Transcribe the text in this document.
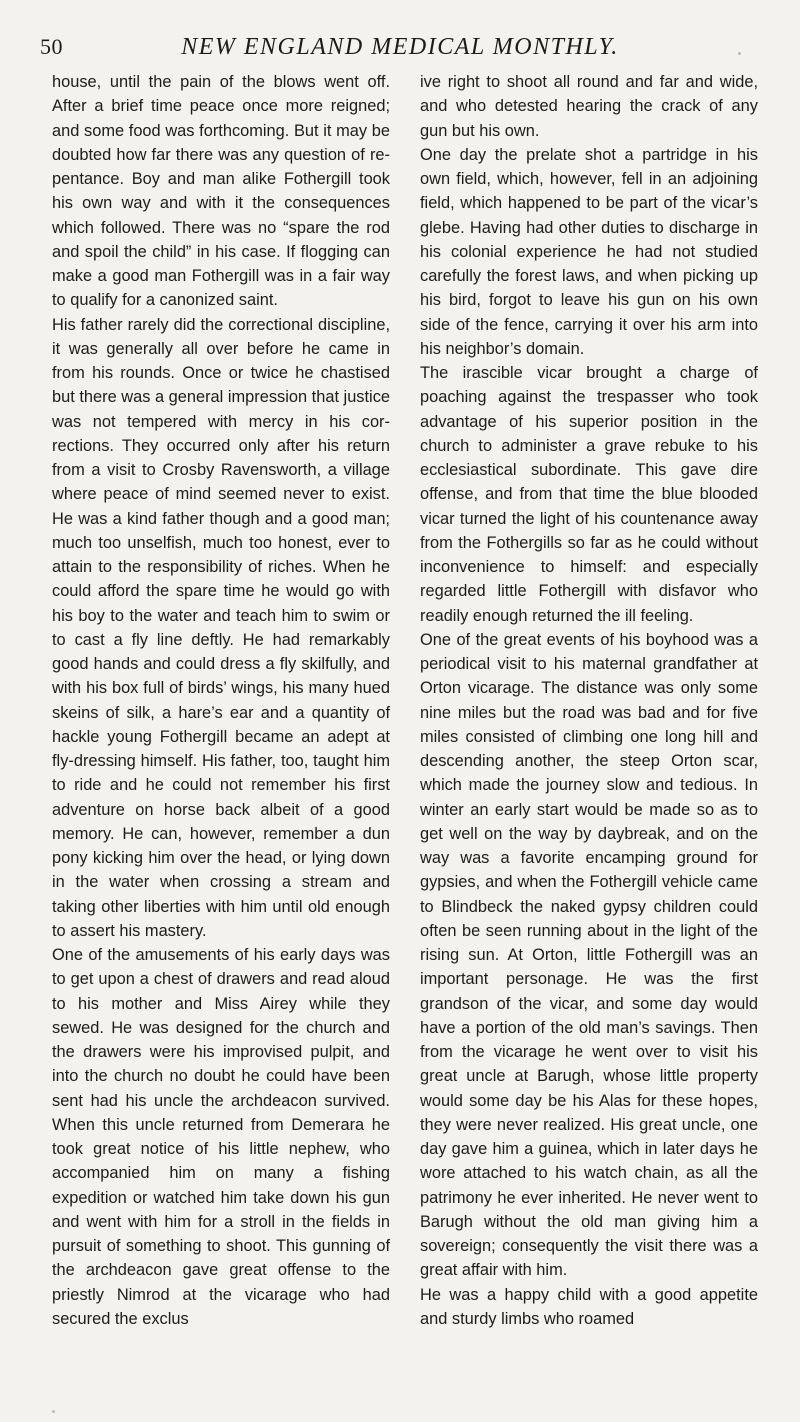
50	NEW ENGLAND MEDICAL MONTHLY.

house, until the pain of the blows went off. After a brief time peace once more reigned; and some food was forthcoming. But it may be doubted how far there was any question of repentance. Boy and man alike Fothergill took his own way and with it the consequences which followed. There was no “spare the rod and spoil the child” in his case. If flogging can make a good man Fothergill was in a fair way to qualify for a canonized saint.

His father rarely did the correctional discipline, it was generally all over before he came in from his rounds. Once or twice he chastised but there was a general impression that justice was not tempered with mercy in his corrections. They occurred only after his return from a visit to Crosby Ravensworth, a village where peace of mind seemed never to exist. He was a kind father though and a good man; much too unselfish, much too honest, ever to attain to the responsibility of riches. When he could afford the spare time he would go with his boy to the water and teach him to swim or to cast a fly line deftly. He had remarkably good hands and could dress a fly skilfully, and with his box full of birds’ wings, his many hued skeins of silk, a hare’s ear and a quantity of hackle young Fothergill became an adept at fly-dressing himself. His father, too, taught him to ride and he could not remember his first adventure on horse back albeit of a good memory. He can, however, remember a dun pony kicking him over the head, or lying down in the water when crossing a stream and taking other liberties with him until old enough to assert his mastery.

One of the amusements of his early days was to get upon a chest of drawers and read aloud to his mother and Miss Airey while they sewed. He was designed for the church and the drawers were his improvised pulpit, and into the church no doubt he could have been sent had his uncle the archdeacon survived. When this uncle returned from Demerara he took great notice of his little nephew, who accompanied him on many a fishing expedition or watched him take down his gun and went with him for a stroll in the fields in pursuit of something to shoot. This gunning of the archdeacon gave great offense to the priestly Nimrod at the vicarage who had secured the exclus

ive right to shoot all round and far and wide, and who detested hearing the crack of any gun but his own.

One day the prelate shot a partridge in his own field, which, however, fell in an adjoining field, which happened to be part of the vicar’s glebe. Having had other duties to discharge in his colonial experience he had not studied carefully the forest laws, and when picking up his bird, forgot to leave his gun on his own side of the fence, carrying it over his arm into his neighbor’s domain.

The irascible vicar brought a charge of poaching against the trespasser who took advantage of his superior position in the church to administer a grave rebuke to his ecclesiastical subordinate. This gave dire offense, and from that time the blue blooded vicar turned the light of his countenance away from the Fothergills so far as he could without inconvenience to himself: and especially regarded little Fothergill with disfavor who readily enough returned the ill feeling.

One of the great events of his boyhood was a periodical visit to his maternal grandfather at Orton vicarage. The distance was only some nine miles but the road was bad and for five miles consisted of climbing one long hill and descending another, the steep Orton scar, which made the journey slow and tedious. In winter an early start would be made so as to get well on the way by daybreak, and on the way was a favorite encamping ground for gypsies, and when the Fothergill vehicle came to Blindbeck the naked gypsy children could often be seen running about in the light of the rising sun. At Orton, little Fothergill was an important personage. He was the first grandson of the vicar, and some day would have a portion of the old man’s savings. Then from the vicarage he went over to visit his great uncle at Barugh, whose little property would some day be his Alas for these hopes, they were never realized. His great uncle, one day gave him a guinea, which in later days he wore attached to his watch chain, as all the patrimony he ever inherited. He never went to Barugh without the old man giving him a sovereign; consequently the visit there was a great affair with him.

He was a happy child with a good appetite and sturdy limbs who roamed
